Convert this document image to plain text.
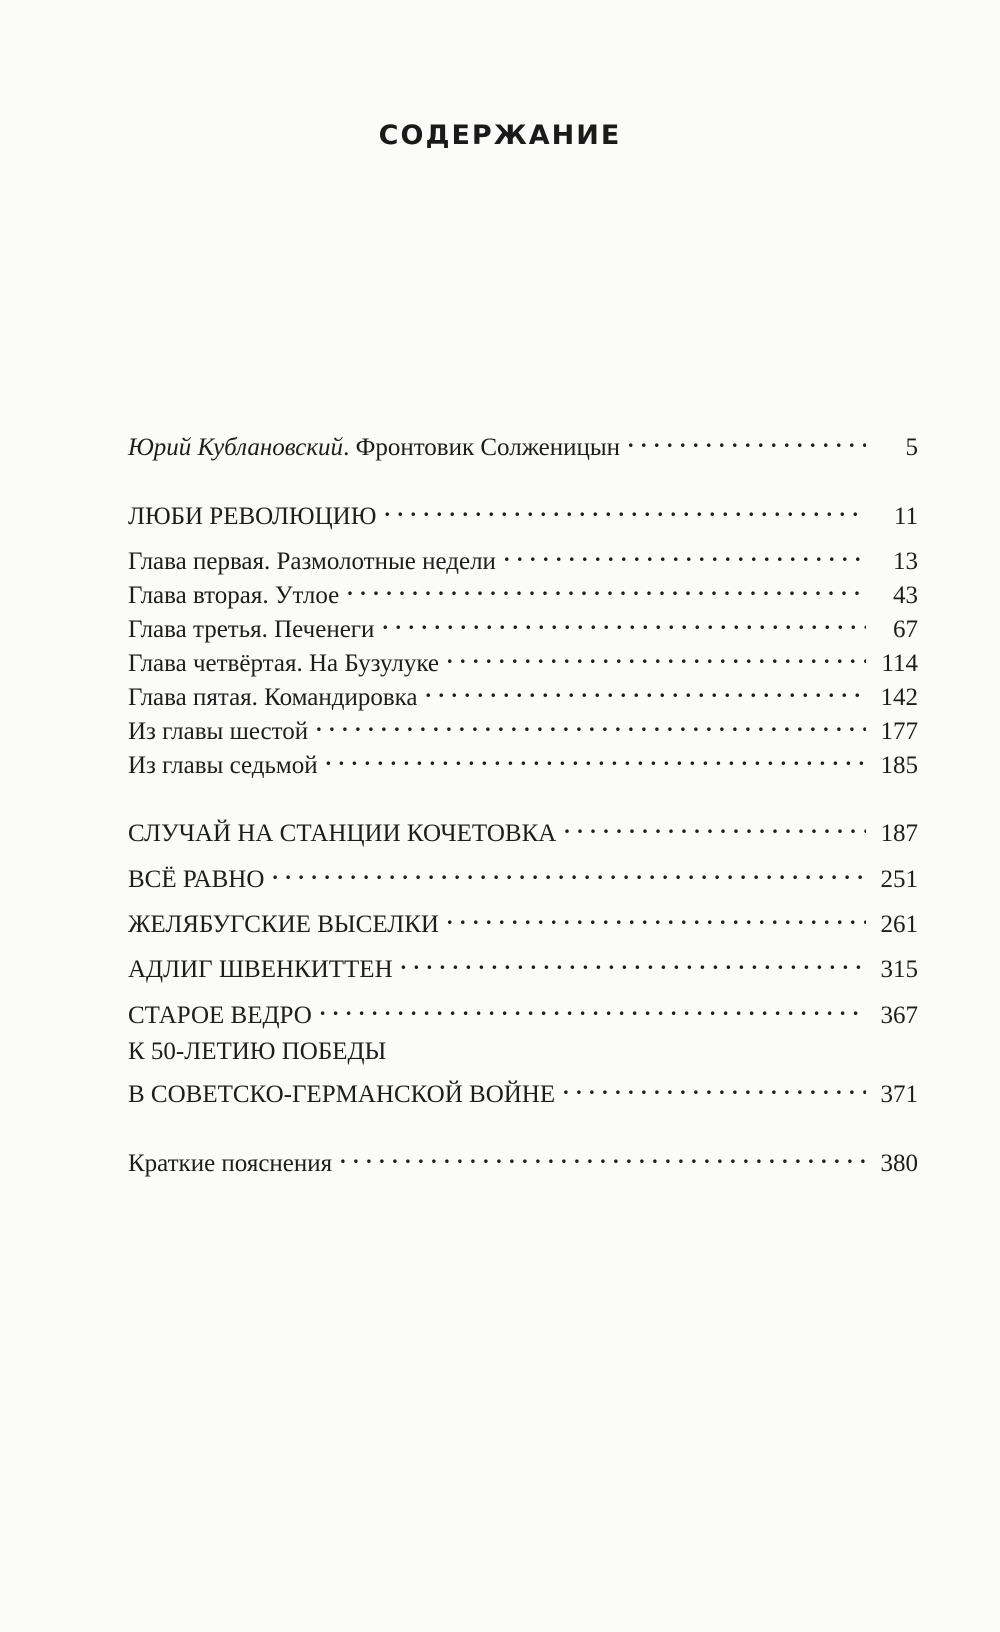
СОДЕРЖАНИЕ
Юрий Кублановский. Фронтовик Солженицын . . .	5
ЛЮБИ РЕВОЛЮЦИЮ . . .	11
Глава первая. Размолотные недели . . .	13
Глава вторая. Утлое . . .	43
Глава третья. Печенеги . . .	67
Глава четвёртая. На Бузулуке . . .	114
Глава пятая. Командировка . . .	142
Из главы шестой . . .	177
Из главы седьмой . . .	185
СЛУЧАЙ НА СТАНЦИИ КОЧЕТОВКА . . .	187
ВСЁ РАВНО . . .	251
ЖЕЛЯБУГСКИЕ ВЫСЕЛКИ . . .	261
АДЛИГ ШВЕНКИТТЕН . . .	315
СТАРОЕ ВЕДРО . . .	367
К 50-ЛЕТИЮ ПОБЕДЫ
В СОВЕТСКО-ГЕРМАНСКОЙ ВОЙНЕ . . .	371
Краткие пояснения . . .	380
